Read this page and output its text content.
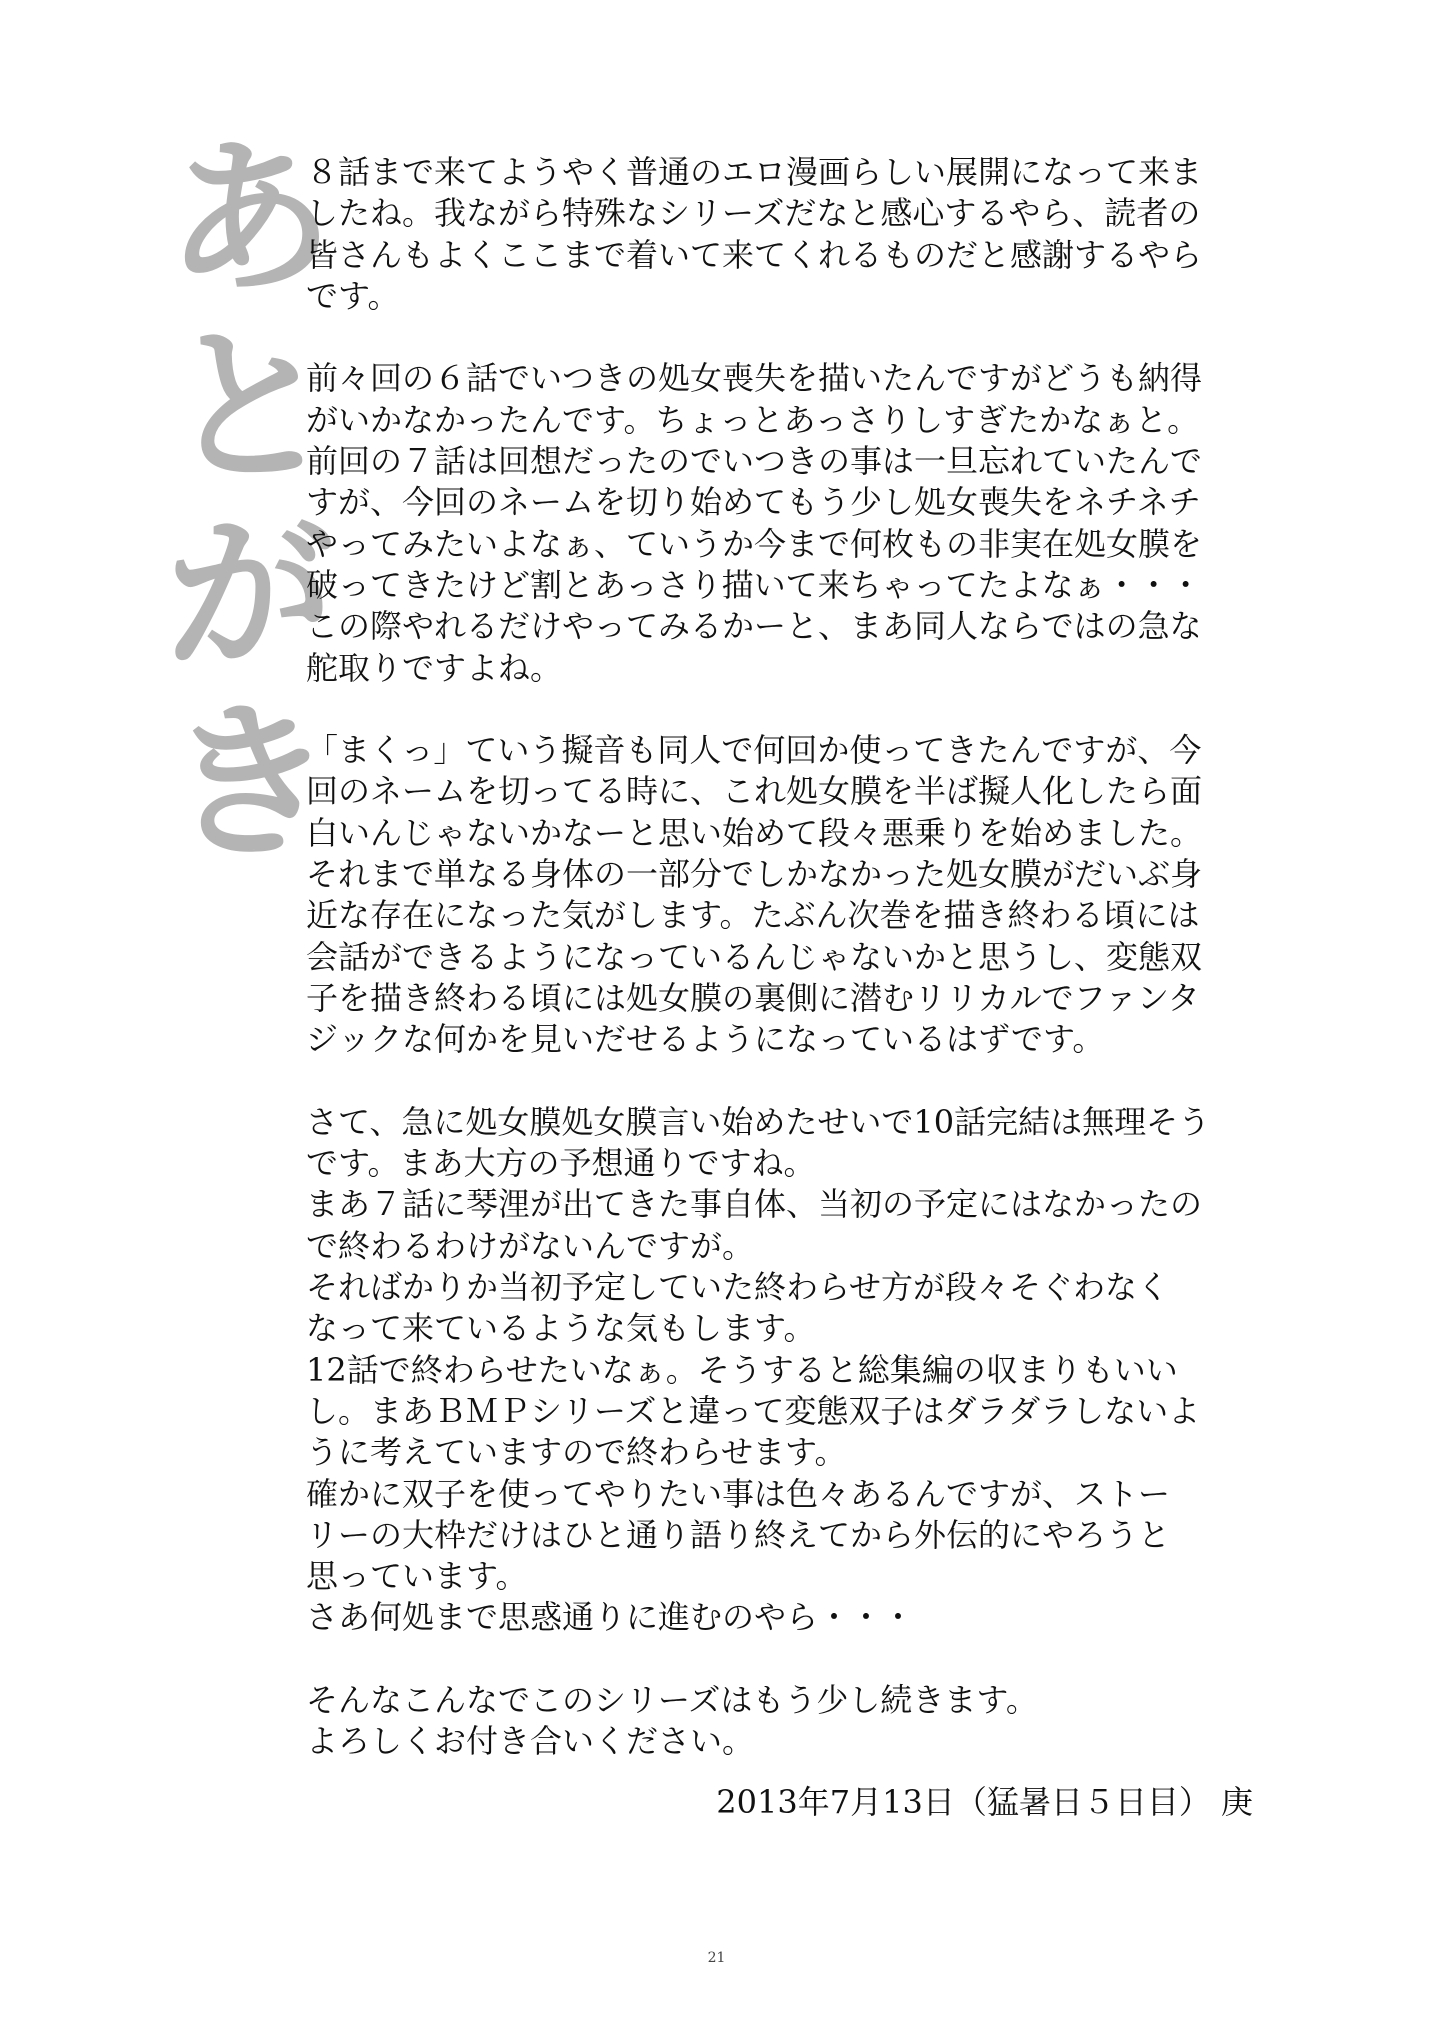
あ
と
が
き
８話まで来てようやく普通のエロ漫画らしい展開になって来ま
したね。我ながら特殊なシリーズだなと感心するやら、読者の
皆さんもよくここまで着いて来てくれるものだと感謝するやら
です。
前々回の６話でいつきの処女喪失を描いたんですがどうも納得
がいかなかったんです。ちょっとあっさりしすぎたかなぁと。
前回の７話は回想だったのでいつきの事は一旦忘れていたんで
すが、今回のネームを切り始めてもう少し処女喪失をネチネチ
やってみたいよなぁ、ていうか今まで何枚もの非実在処女膜を
破ってきたけど割とあっさり描いて来ちゃってたよなぁ・・・
この際やれるだけやってみるかーと、まあ同人ならではの急な
舵取りですよね。
「まくっ」ていう擬音も同人で何回か使ってきたんですが、今
回のネームを切ってる時に、これ処女膜を半ば擬人化したら面
白いんじゃないかなーと思い始めて段々悪乗りを始めました。
それまで単なる身体の一部分でしかなかった処女膜がだいぶ身
近な存在になった気がします。たぶん次巻を描き終わる頃には
会話ができるようになっているんじゃないかと思うし、変態双
子を描き終わる頃には処女膜の裏側に潜むリリカルでファンタ
ジックな何かを見いだせるようになっているはずです。
さて、急に処女膜処女膜言い始めたせいで10話完結は無理そう
です。まあ大方の予想通りですね。
まあ７話に琴浬が出てきた事自体、当初の予定にはなかったの
で終わるわけがないんですが。
そればかりか当初予定していた終わらせ方が段々そぐわなく
なって来ているような気もします。
12話で終わらせたいなぁ。そうすると総集編の収まりもいい
し。まあＢＭＰシリーズと違って変態双子はダラダラしないよ
うに考えていますので終わらせます。
確かに双子を使ってやりたい事は色々あるんですが、ストー
リーの大枠だけはひと通り語り終えてから外伝的にやろうと
思っています。
さあ何処まで思惑通りに進むのやら・・・
そんなこんなでこのシリーズはもう少し続きます。
よろしくお付き合いください。
2013年7月13日（猛暑日５日目） 庚
21
